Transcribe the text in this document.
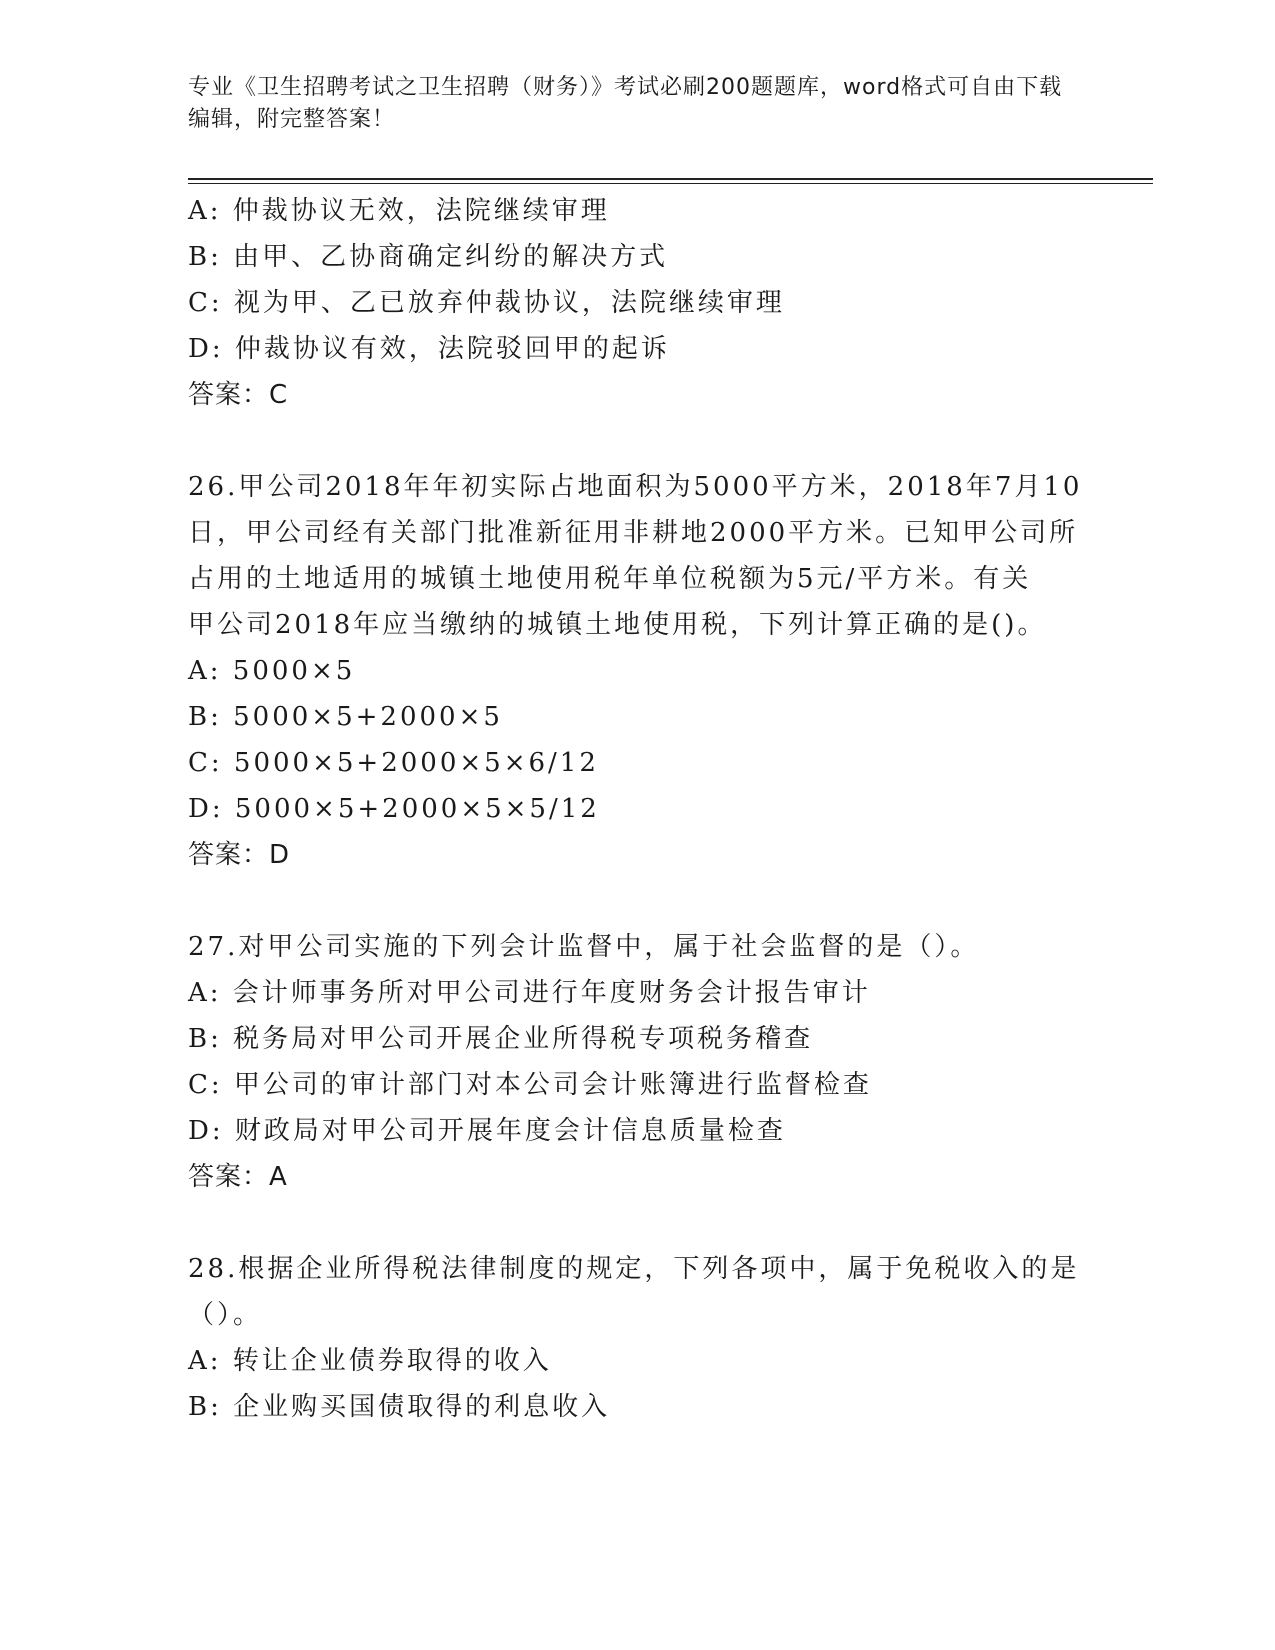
专业《卫生招聘考试之卫生招聘（财务）》考试必刷200题题库，word格式可自由下载编辑，附完整答案！
A: 仲裁协议无效，法院继续审理
B: 由甲、乙协商确定纠纷的解决方式
C: 视为甲、乙已放弃仲裁协议，法院继续审理
D: 仲裁协议有效，法院驳回甲的起诉
答案：C
26.甲公司2018年年初实际占地面积为5000平方米，2018年7月10
日，甲公司经有关部门批准新征用非耕地2000平方米。已知甲公司所
占用的土地适用的城镇土地使用税年单位税额为5元/平方米。有关
甲公司2018年应当缴纳的城镇土地使用税，下列计算正确的是()。
A: 5000×5
B: 5000×5+2000×5
C: 5000×5+2000×5×6/12
D: 5000×5+2000×5×5/12
答案：D
27.对甲公司实施的下列会计监督中，属于社会监督的是（）。
A: 会计师事务所对甲公司进行年度财务会计报告审计
B: 税务局对甲公司开展企业所得税专项税务稽查
C: 甲公司的审计部门对本公司会计账簿进行监督检查
D: 财政局对甲公司开展年度会计信息质量检查
答案：A
28.根据企业所得税法律制度的规定，下列各项中，属于免税收入的是
（）。
A: 转让企业债券取得的收入
B: 企业购买国债取得的利息收入
